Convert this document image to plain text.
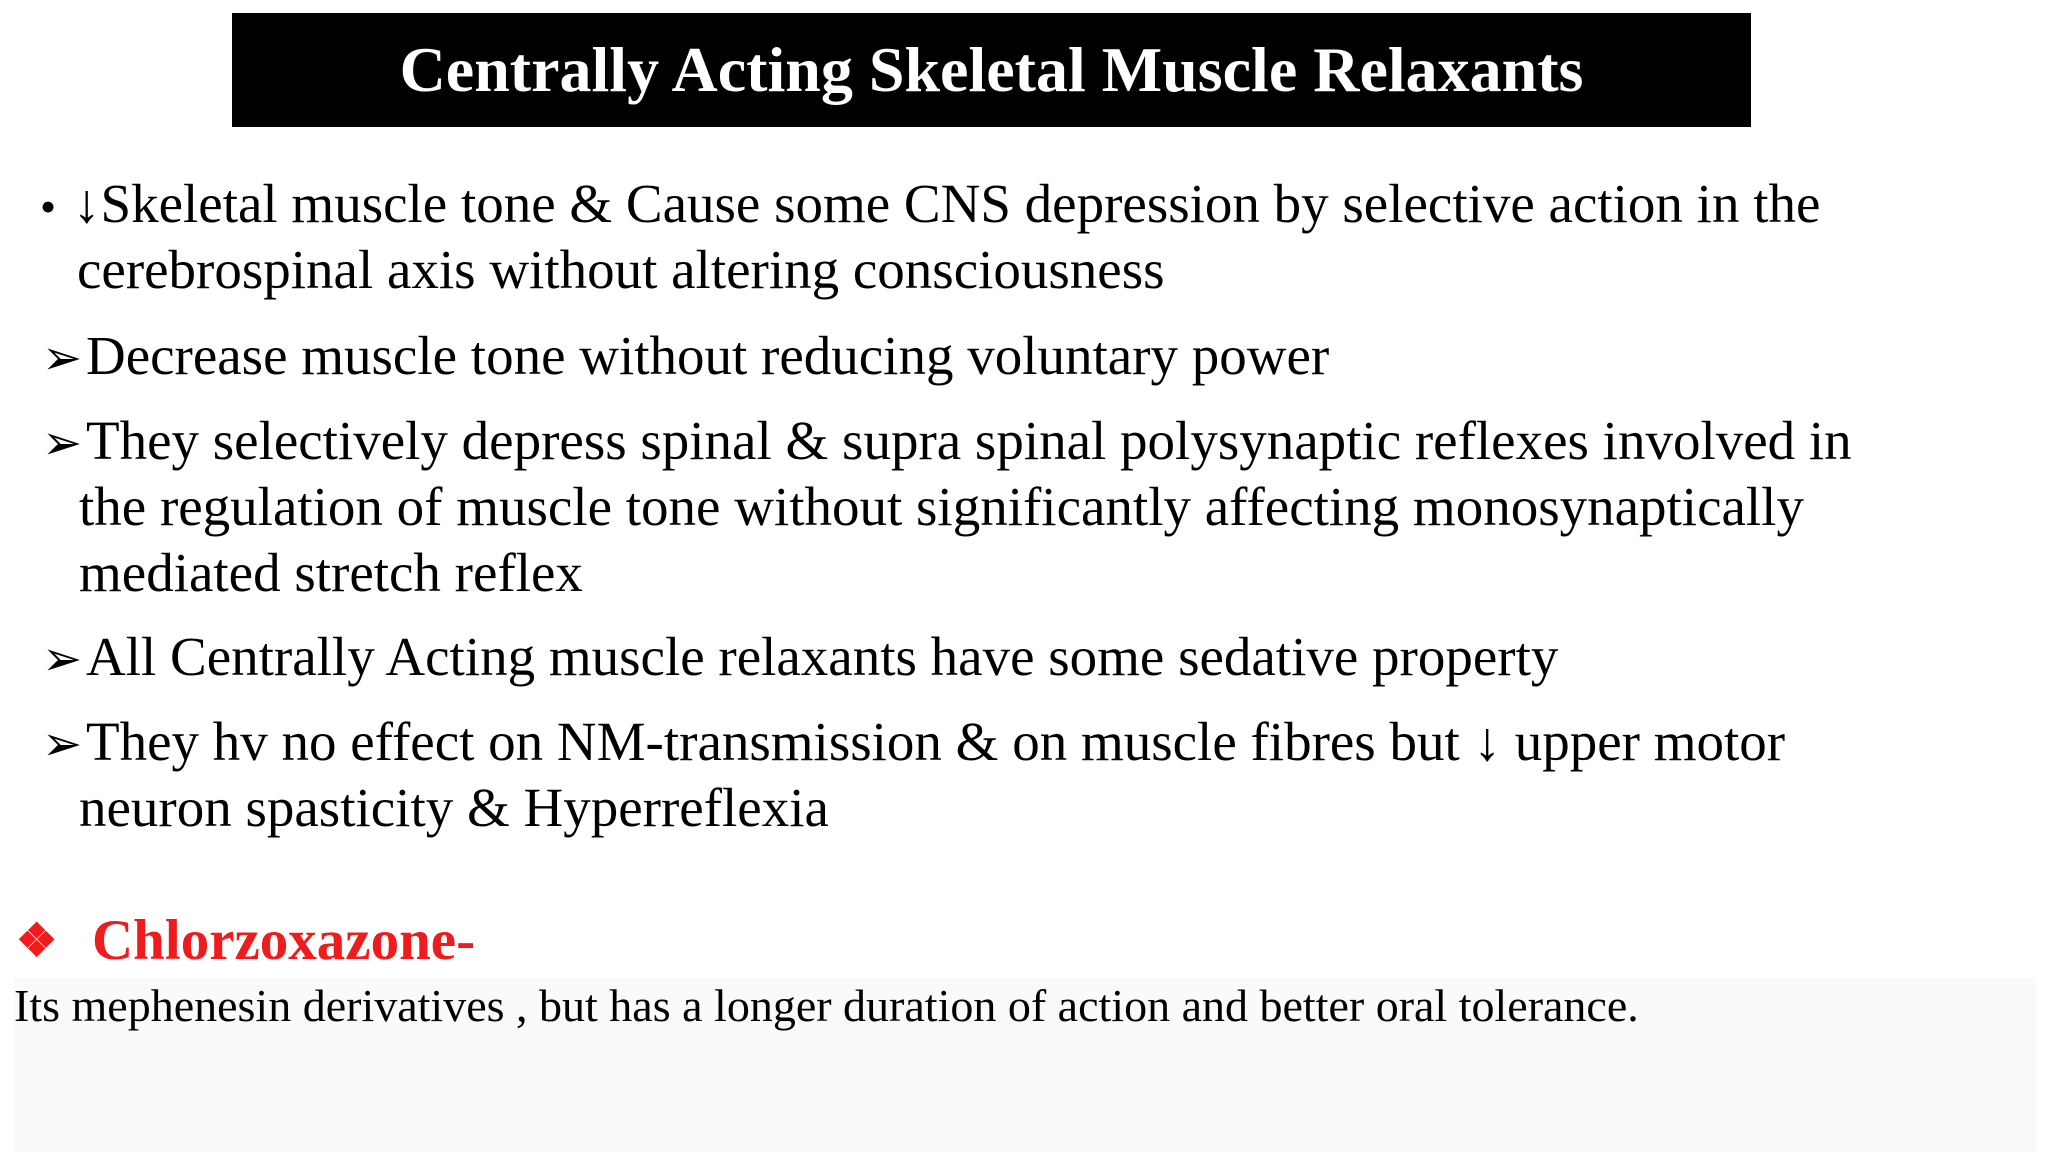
Centrally Acting Skeletal Muscle Relaxants
• ↓Skeletal muscle tone & Cause some CNS depression by selective action in the
cerebrospinal axis without altering consciousness
➢Decrease muscle tone without reducing voluntary power
➢They selectively depress spinal & supra spinal polysynaptic reflexes involved in
the regulation of muscle tone without significantly affecting monosynaptically
mediated stretch reflex
➢All Centrally Acting muscle relaxants have some sedative property
➢They hv no effect on NM-transmission & on muscle fibres but ↓ upper motor
neuron spasticity & Hyperreflexia
❖ Chlorzoxazone-
Its mephenesin derivatives , but has a longer duration of action and better oral tolerance.
